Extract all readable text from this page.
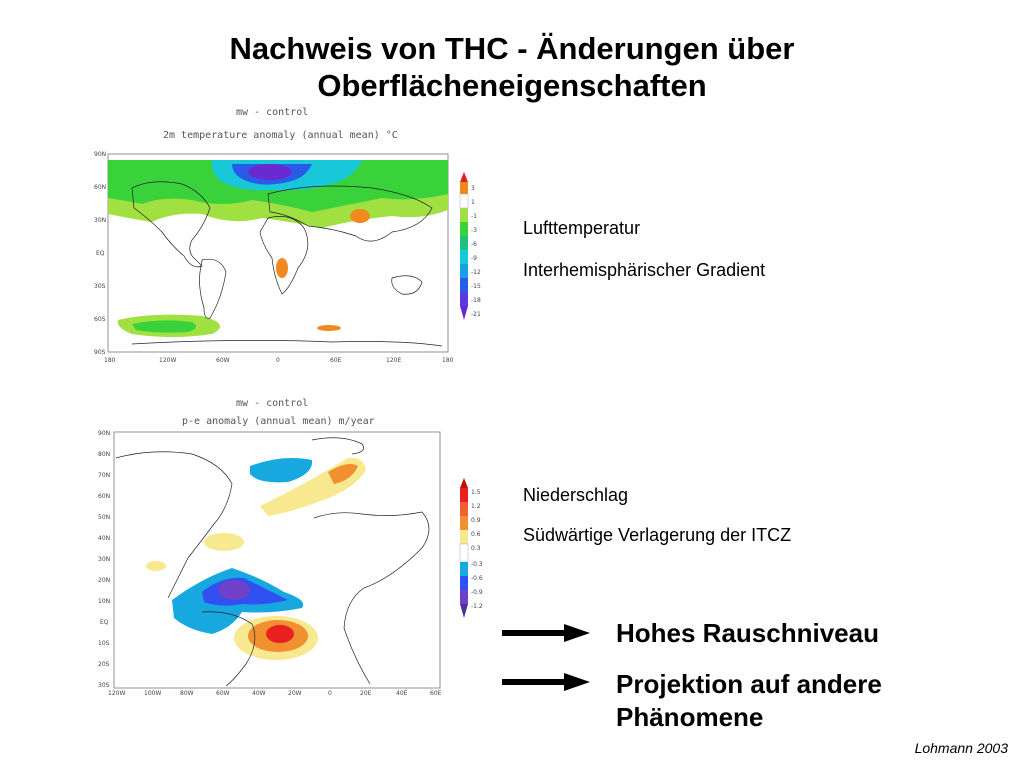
Nachweis von THC - Änderungen über
Oberflächeneigenschaften
mw - control
2m temperature anomaly (annual mean) °C
90N
60N
30N
EQ
30S
60S
90S
180	120W	60W	0	60E	120E	180
3
1
-1
-3
-6
-9
-12
-15
-18
-21
mw - control
p-e anomaly (annual mean) m/year
90N
80N
70N
60N
50N
40N
30N
20N
10N
EQ
10S
20S
30S
120W	100W	80W	60W	40W	20W	0	20E	40E	60E
1.5
1.2
0.9
0.6
0.3
-0.3
-0.6
-0.9
-1.2
Lufttemperatur
Interhemisphärischer Gradient
Niederschlag
Südwärtige Verlagerung der ITCZ
Hohes Rauschniveau
Projektion auf andere
Phänomene
Lohmann 2003
